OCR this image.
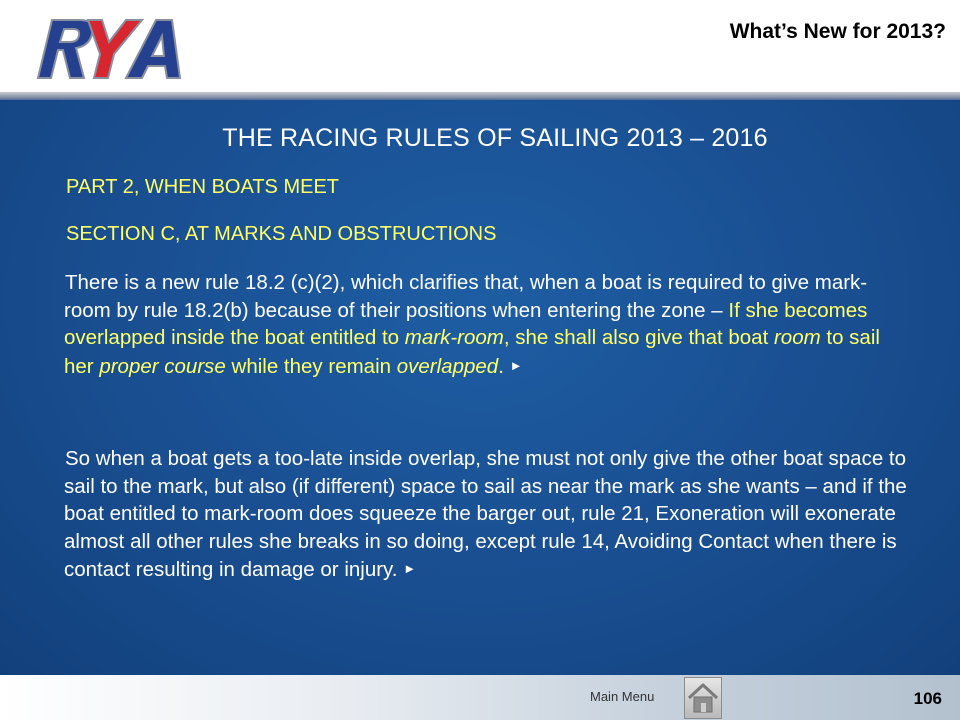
What’s New for 2013?
THE RACING RULES OF SAILING 2013 – 2016
PART 2, WHEN BOATS MEET
SECTION C, AT MARKS AND OBSTRUCTIONS
There is a new rule 18.2 (c)(2), which clarifies that, when a boat is required to give mark-room by rule 18.2(b) because of their positions when entering the zone – If she becomes overlapped inside the boat entitled to mark-room, she shall also give that boat room to sail her proper course while they remain overlapped. ►
So when a boat gets a too-late inside overlap, she must not only give the other boat space to sail to the mark, but also (if different) space to sail as near the mark as she wants – and if the boat entitled to mark-room does squeeze the barger out, rule 21, Exoneration will exonerate almost all other rules she breaks in so doing, except rule 14, Avoiding Contact when there is contact resulting in damage or injury. ►
Main Menu	106
